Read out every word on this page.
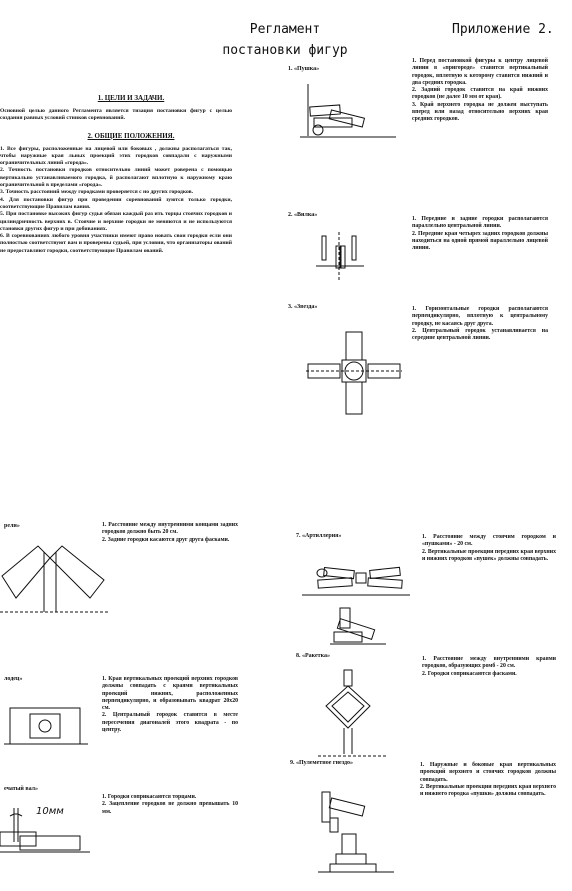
Регламент
постановки фигур
Приложение 2.
1. ЦЕЛИ И ЗАДАЧИ.
Основной целью данного Регламента является тизация постановки фигур с целью создания равных условий стников соревнований.
2. ОБЩИЕ ПОЛОЖЕНИЯ.
1. Все фигуры, расположенные на лицевой или боковых , должны располагаться так, чтобы наружные края льных проекций этих городков совпадали с наружными ограничительных линий «города».
2. Точность постановки городков относительно линий может роверена с помощью вертикально устанавливаемого городка, й располагают вплотную к наружному краю ограничительной в пределами «города».
3. Точность расстояний между городками проверяется с но других городков.
4. Для постановки фигур при проведении соревнований зуются только городки, соответствующие Правилам вания.
5. При постановке высоких фигур судья обязан каждый раз ить торцы стоячих городков и цилиндричность верхних в. Стоячие и верхние городки не меняются и не используются становки других фигур и при добиваниях.
6. В соревнованиях любого уровня участники имеют право новать свои городки если они полностью соответствуют вам и проверены судьей, при условии, что организаторы ований не предоставляют городки, соответствующие Правилам ований.
1. «Пушка»
1. Перед постановкой фигуры к центру лицевой линии в «пригороде» ставится вертикальный городок, вплотную к которому ставится нижний и два средних городка.
2. Задний городок ставится на край нижних городков (не далее 10 мм от края).
3. Край верхнего городка не должен выступать вперед или назад относительно верхних края средних городков.
2. «Вилка»
1. Передние и задние городки располагаются параллельно центральной линии.
2. Передние края четырех задних городков должны находиться на одной прямой параллельно лицевой линии.
3. «Звезда»	1. Горизонтальные городки располагаются перпендикулярно, вплотную к центральному городку, не касаясь друг друга.
2. Центральный городок устанавливается на середине центральной линии.
рели»	1. Расстояние между внутренними концами задних городков должно быть 20 см.
2. Задние городки касаются друг друга фасками.
7. «Артиллерия»	1. Расстояние между стоячим городком и «пушками» - 20 см.
2. Вертикальные проекции передних края верхних и нижних городков «пушек» должны совпадать.
лодец»	1. Края вертикальных проекций верхних городков должны совпадать с краями вертикальных проекций нижних, расположенных перпендикулярно, и образовывать квадрат 20х20 см.
2. Центральный городок ставится в месте пересечения диагоналей этого квадрата - по центру.
8. «Ракетка»	1. Расстояние между внутренними краями городков, образующих ромб - 20 см.
2. Городки соприкасаются фасками.
ечатый вал»
10мм
1. Городки соприкасаются торцами.
2. Зацепление городков не должно превышать 10 мм.
9. «Пулеметное гнездо»	1. Наружные и боковые края вертикальных проекций верхнего и стоячих городков должны совпадать.
2. Вертикальные проекции передних края верхнего и нижнего городка «пушки» должны совпадать.
